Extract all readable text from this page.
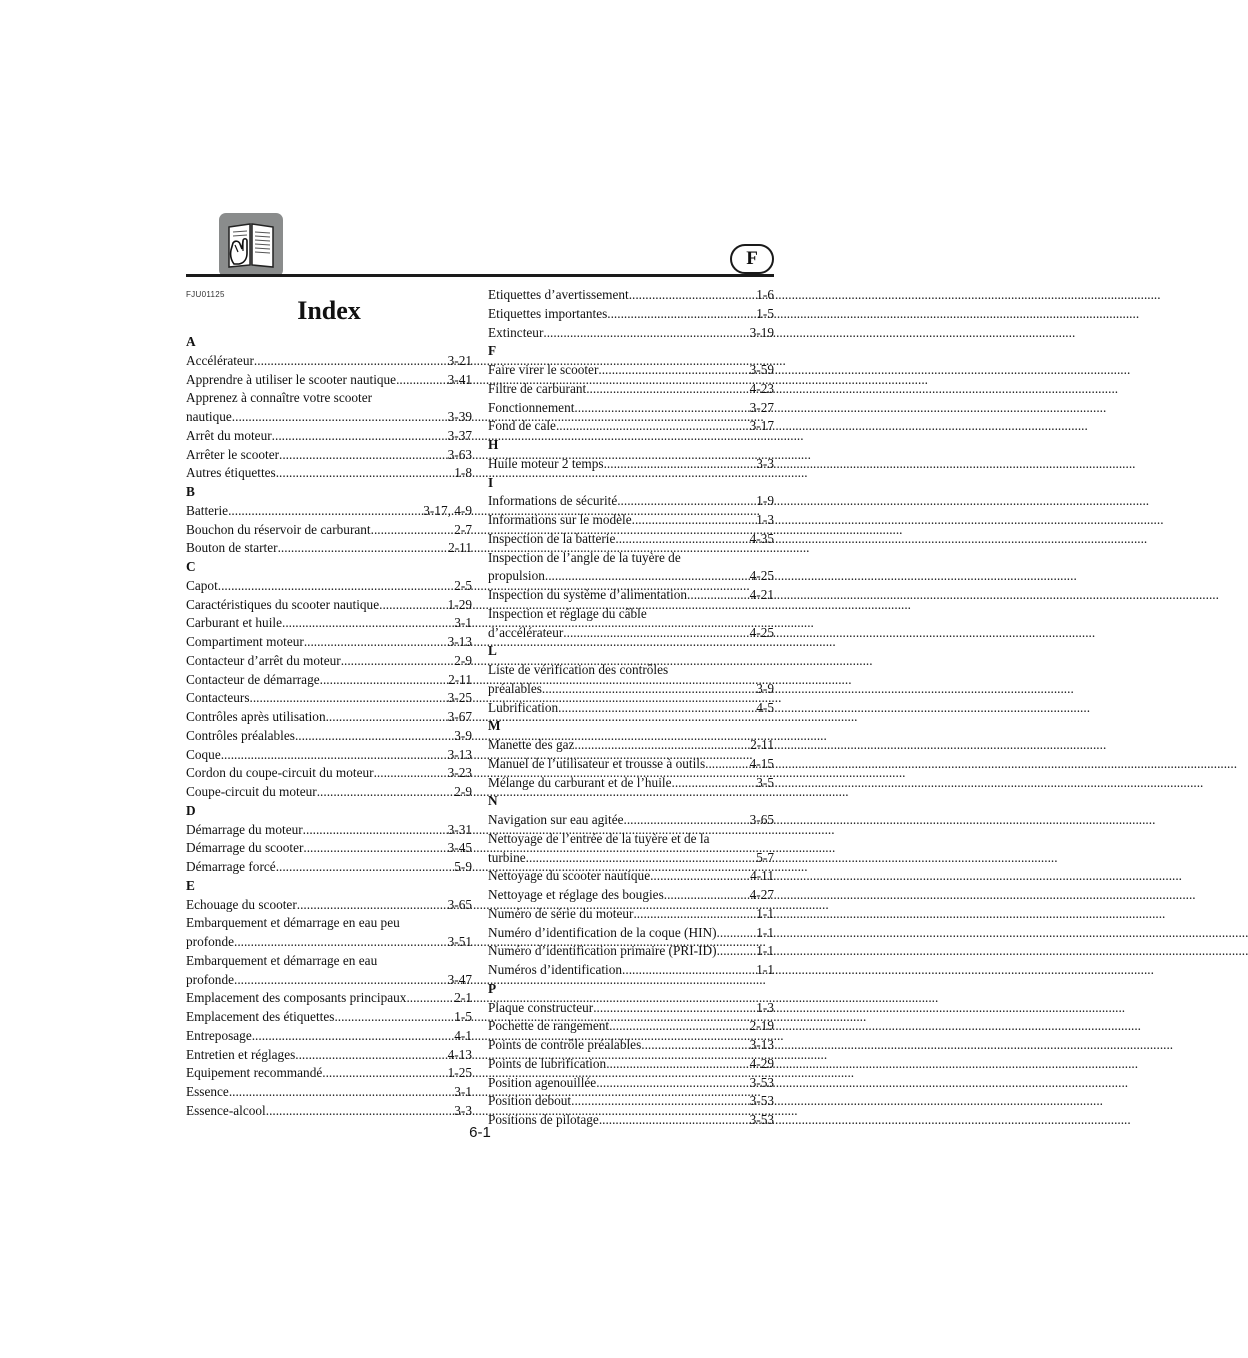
F
FJU01125
Index
A
Accélérateur .....	3-21
Apprendre à utiliser le scooter nautique .....	3-41
Apprenez à connaître votre scooter
nautique .....	3-39
Arrêt du moteur .....	3-37
Arrêter le scooter .....	3-63
Autres étiquettes .....	1-8
B
Batterie .....	3-17, 4-9
Bouchon du réservoir de carburant .....	2-7
Bouton de starter .....	2-11
C
Capot .....	2-5
Caractéristiques du scooter nautique .....	1-29
Carburant et huile .....	3-1
Compartiment moteur .....	3-13
Contacteur d’arrêt du moteur .....	2-9
Contacteur de démarrage .....	2-11
Contacteurs .....	3-25
Contrôles après utilisation .....	3-67
Contrôles préalables .....	3-9
Coque .....	3-13
Cordon du coupe-circuit du moteur .....	3-23
Coupe-circuit du moteur .....	2-9
D
Démarrage du moteur .....	3-31
Démarrage du scooter .....	3-45
Démarrage forcé .....	5-9
E
Echouage du scooter .....	3-65
Embarquement et démarrage en eau peu
profonde .....	3-51
Embarquement et démarrage en eau
profonde .....	3-47
Emplacement des composants principaux .....	2-1
Emplacement des étiquettes .....	1-5
Entreposage .....	4-1
Entretien et réglages .....	4-13
Equipement recommandé .....	1-25
Essence .....	3-1
Essence-alcool .....	3-3
Etiquettes d’avertissement .....	1-6
Etiquettes importantes .....	1-5
Extincteur .....	3-19
F
Faire virer le scooter .....	3-59
Filtre de carburant .....	4-23
Fonctionnement .....	3-27
Fond de cale .....	3-17
H
Huile moteur 2 temps .....	3-3
I
Informations de sécurité .....	1-9
Informations sur le modèle .....	1-3
Inspection de la batterie .....	4-35
Inspection de l’angle de la tuyère de
propulsion .....	4-25
Inspection du système d’alimentation .....	4-21
Inspection et réglage du câble
d’accélérateur .....	4-25
L
Liste de vérification des contrôles
préalables .....	3-9
Lubrification .....	4-5
M
Manette des gaz .....	2-11
Manuel de l’utilisateur et trousse à outils .....	4-15
Mélange du carburant et de l’huile .....	3-5
N
Navigation sur eau agitée .....	3-65
Nettoyage de l’entrée de la tuyère et de la
turbine .....	5-7
Nettoyage du scooter nautique .....	4-11
Nettoyage et réglage des bougies .....	4-27
Numéro de série du moteur .....	1-1
Numéro d’identification de la coque (HIN) .....	1-1
Numéro d’identification primaire (PRI-ID) .....	1-1
Numéros d’identification .....	1-1
P
Plaque constructeur .....	1-3
Pochette de rangement .....	2-19
Points de contrôle préalables .....	3-13
Points de lubrification .....	4-29
Position agenouillée .....	3-53
Position debout .....	3-53
Positions de pilotage .....	3-53
6-1
